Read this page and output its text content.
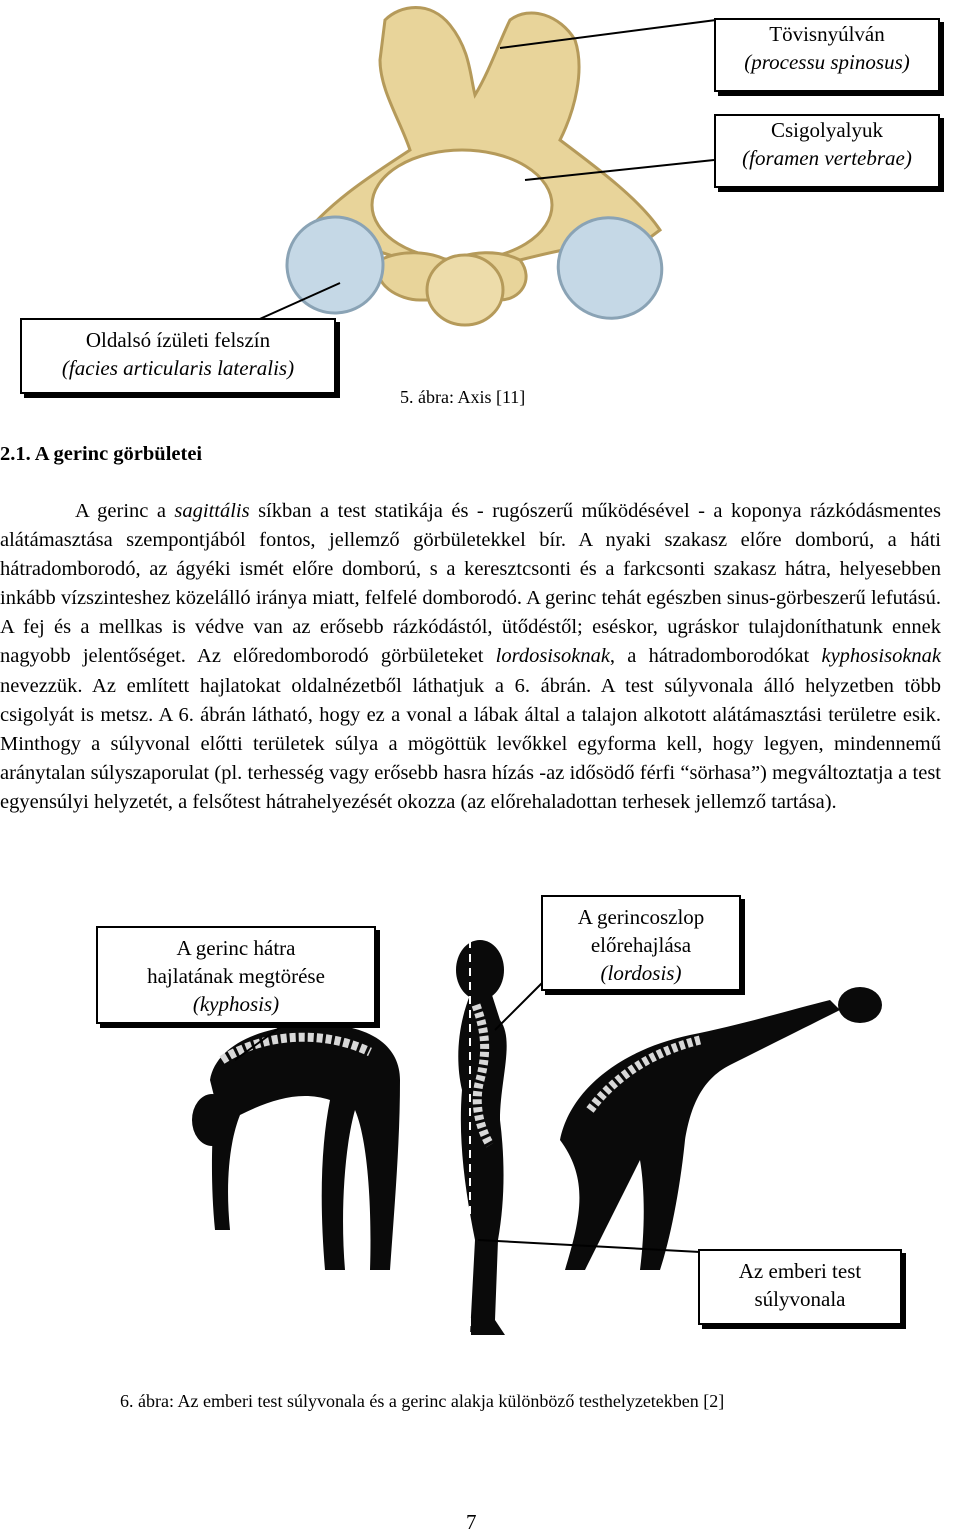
Tövisnyúlván
(processu spinosus)
Csigolyalyuk
(foramen vertebrae)
Oldalsó ízületi felszín
(facies articularis lateralis)
5. ábra: Axis [11]
2.1. A gerinc görbületei
A gerinc a sagittális síkban a test statikája és - rugószerű működésével - a koponya rázkódásmentes alátámasztása szempontjából fontos, jellemző görbületekkel bír. A nyaki szakasz előre domború, a háti hátradomborodó, az ágyéki ismét előre domború, s a keresztcsonti és a farkcsonti szakasz hátra, helyesebben inkább vízszinteshez közelálló iránya miatt, felfelé domborodó. A gerinc tehát egészben sinus-görbeszerű lefutású. A fej és a mellkas is védve van az erősebb rázkódástól, ütődéstől; eséskor, ugráskor tulajdoníthatunk ennek nagyobb jelentőséget. Az előredomborodó görbületeket lordosisoknak, a hátradomborodókat kyphosisoknak nevezzük. Az említett hajlatokat oldalnézetből láthatjuk a 6. ábrán. A test súlyvonala álló helyzetben több csigolyát is metsz. A 6. ábrán látható, hogy ez a vonal a lábak által a talajon alkotott alátámasztási területre esik. Minthogy a súlyvonal előtti területek súlya a mögöttük levőkkel egyforma kell, hogy legyen, mindennemű aránytalan súlyszaporulat (pl. terhesség vagy erősebb hasra hízás -az idősödő férfi “sörhasa”) megváltoztatja a test egyensúlyi helyzetét, a felsőtest hátrahelyezését okozza (az előrehaladottan terhesek jellemző tartása).
A gerinc hátra
hajlatának megtörése
(kyphosis)
A gerincoszlop
előrehajlása
(lordosis)
Az emberi test
súlyvonala
6. ábra: Az emberi test súlyvonala és a gerinc alakja különböző testhelyzetekben [2]
7
